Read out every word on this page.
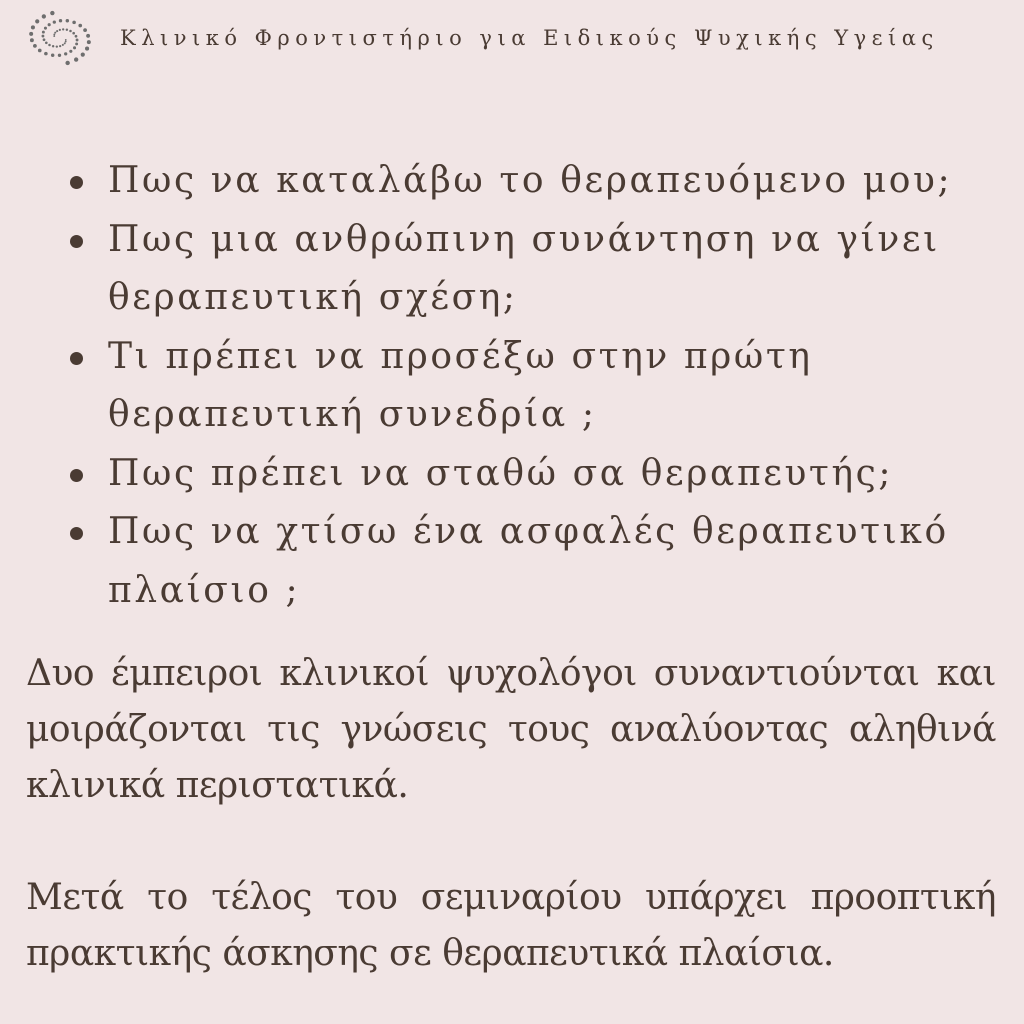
Κλινικό Φροντιστήριο για Ειδικούς Ψυχικής Υγείας
Πως να καταλάβω το θεραπευόμενο μου;
Πως μια ανθρώπινη συνάντηση να γίνει θεραπευτική σχέση;
Τι πρέπει να προσέξω στην πρώτη θεραπευτική συνεδρία ;
Πως πρέπει να σταθώ σα θεραπευτής;
Πως να χτίσω ένα ασφαλές θεραπευτικό πλαίσιο ;

Δυο έμπειροι κλινικοί ψυχολόγοι συναντιούνται και μοιράζονται τις γνώσεις τους αναλύοντας αληθινά κλινικά περιστατικά.

Μετά το τέλος του σεμιναρίου υπάρχει προοπτική πρακτικής άσκησης σε θεραπευτικά πλαίσια.
